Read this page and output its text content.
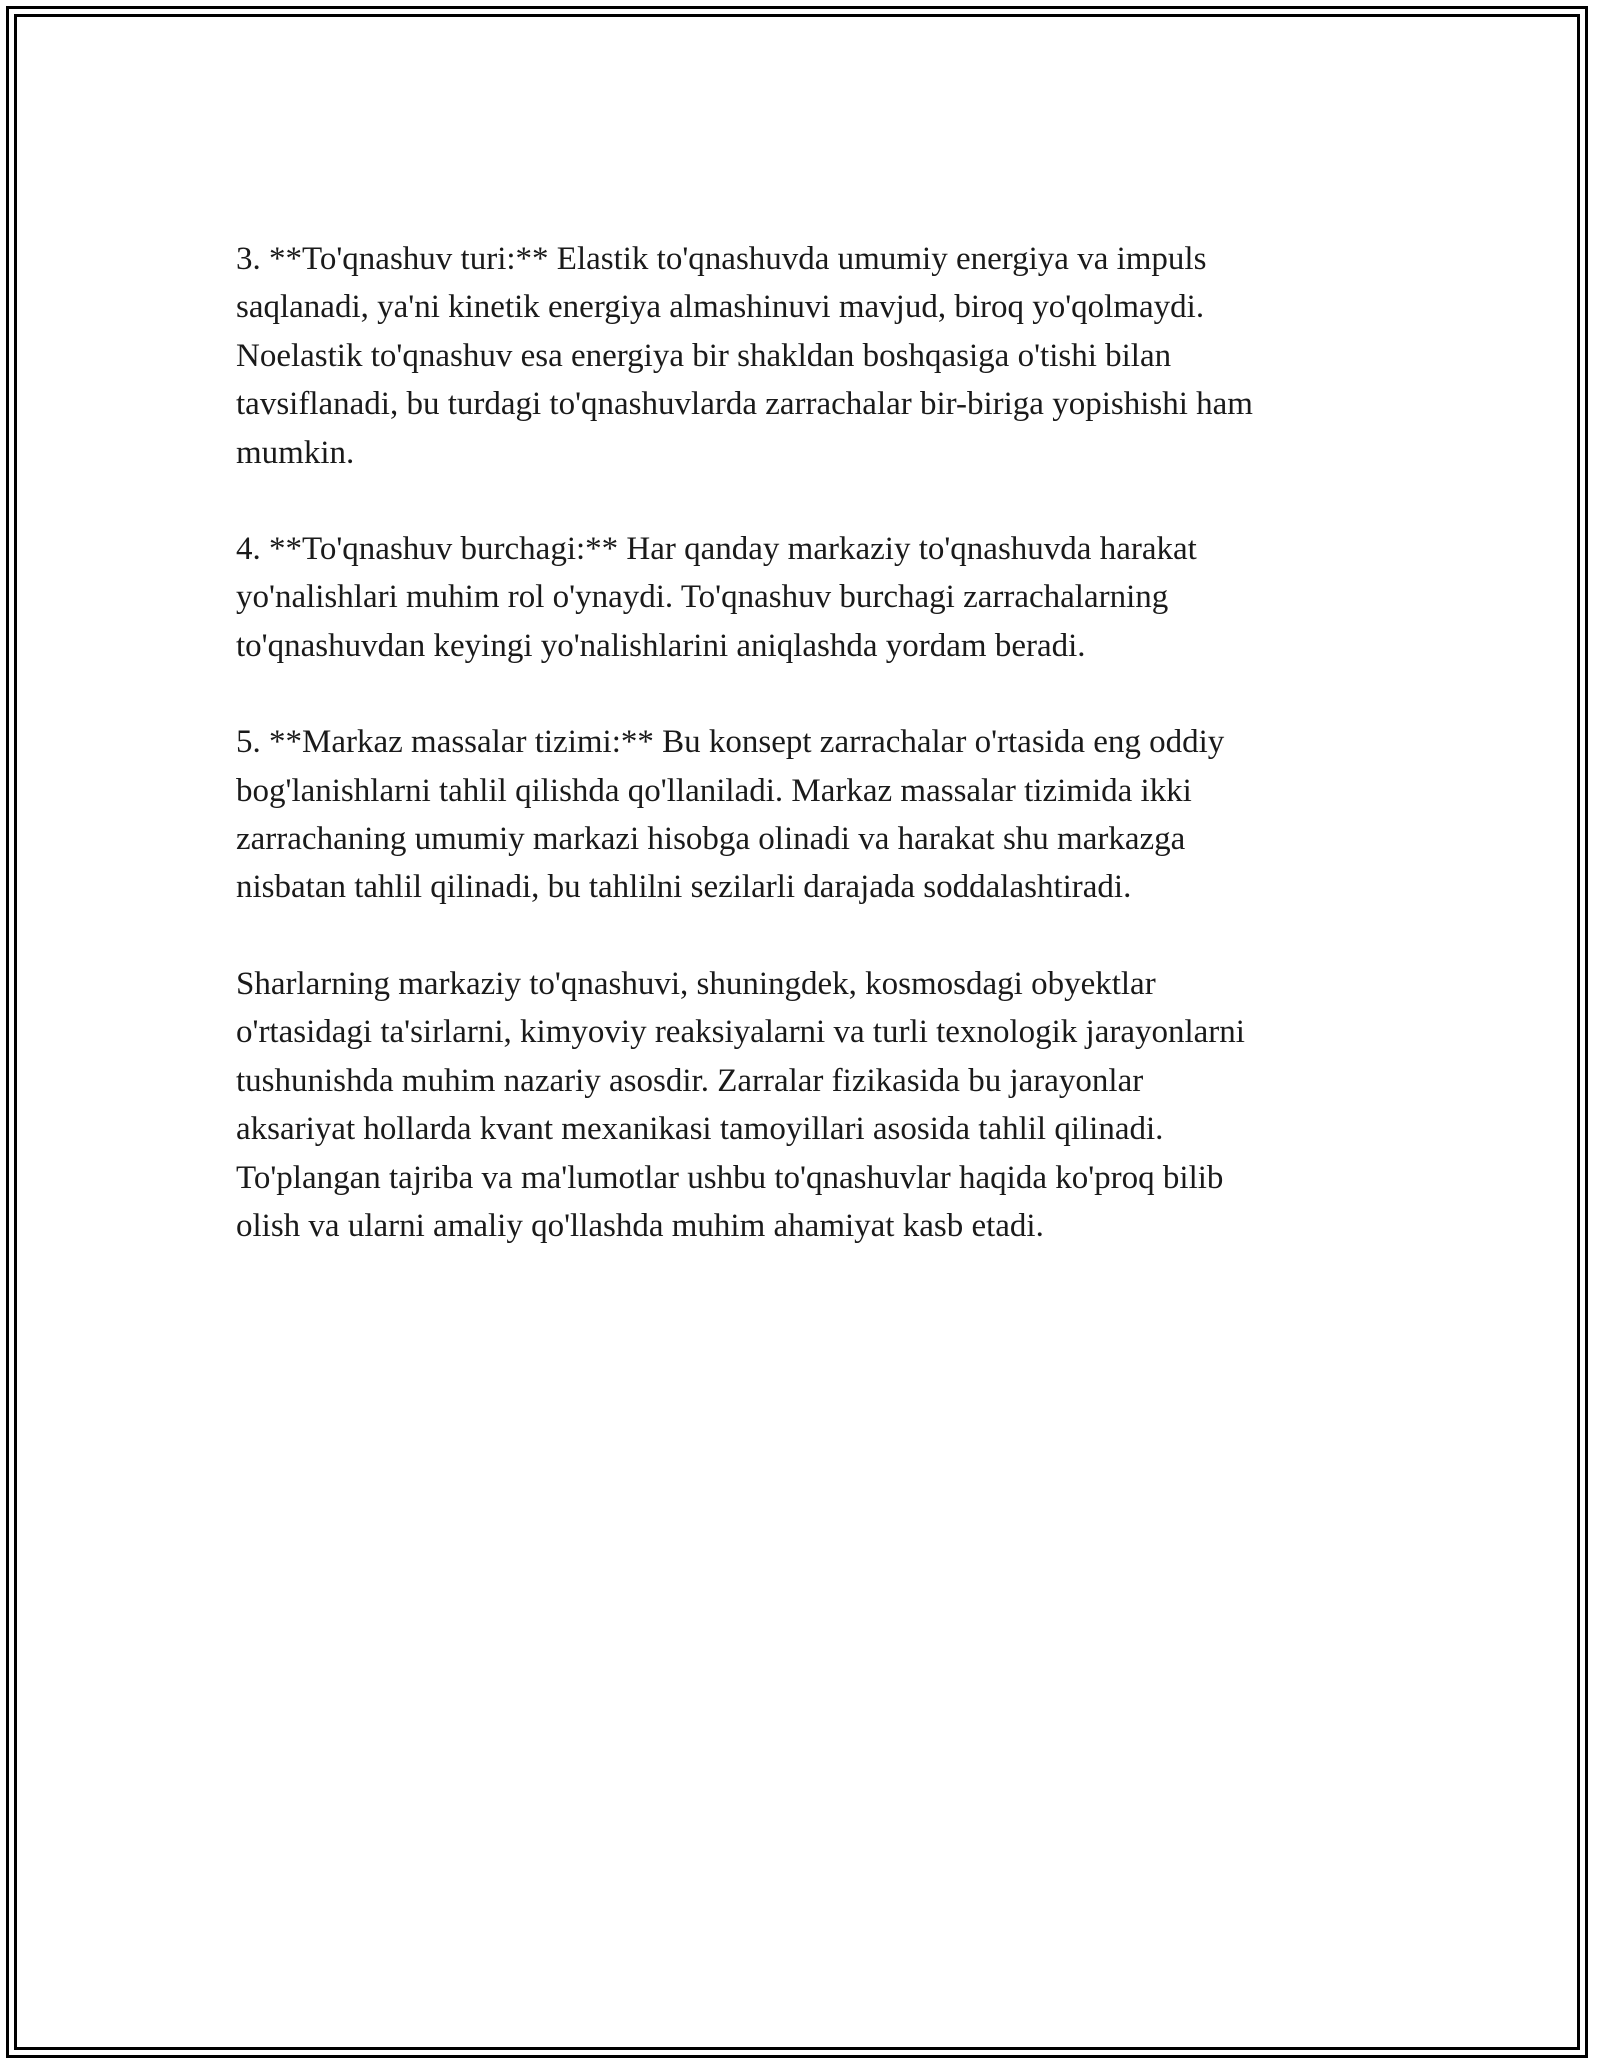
3. **To'qnashuv turi:** Elastik to'qnashuvda umumiy energiya va impuls
saqlanadi, ya'ni kinetik energiya almashinuvi mavjud, biroq yo'qolmaydi.
Noelastik to'qnashuv esa energiya bir shakldan boshqasiga o'tishi bilan
tavsiflanadi, bu turdagi to'qnashuvlarda zarrachalar bir-biriga yopishishi ham
mumkin.

4. **To'qnashuv burchagi:** Har qanday markaziy to'qnashuvda harakat
yo'nalishlari muhim rol o'ynaydi. To'qnashuv burchagi zarrachalarning
to'qnashuvdan keyingi yo'nalishlarini aniqlashda yordam beradi.

5. **Markaz massalar tizimi:** Bu konsept zarrachalar o'rtasida eng oddiy
bog'lanishlarni tahlil qilishda qo'llaniladi. Markaz massalar tizimida ikki
zarrachaning umumiy markazi hisobga olinadi va harakat shu markazga
nisbatan tahlil qilinadi, bu tahlilni sezilarli darajada soddalashtiradi.

Sharlarning markaziy to'qnashuvi, shuningdek, kosmosdagi obyektlar
o'rtasidagi ta'sirlarni, kimyoviy reaksiyalarni va turli texnologik jarayonlarni
tushunishda muhim nazariy asosdir. Zarralar fizikasida bu jarayonlar
aksariyat hollarda kvant mexanikasi tamoyillari asosida tahlil qilinadi.
To'plangan tajriba va ma'lumotlar ushbu to'qnashuvlar haqida ko'proq bilib
olish va ularni amaliy qo'llashda muhim ahamiyat kasb etadi.
